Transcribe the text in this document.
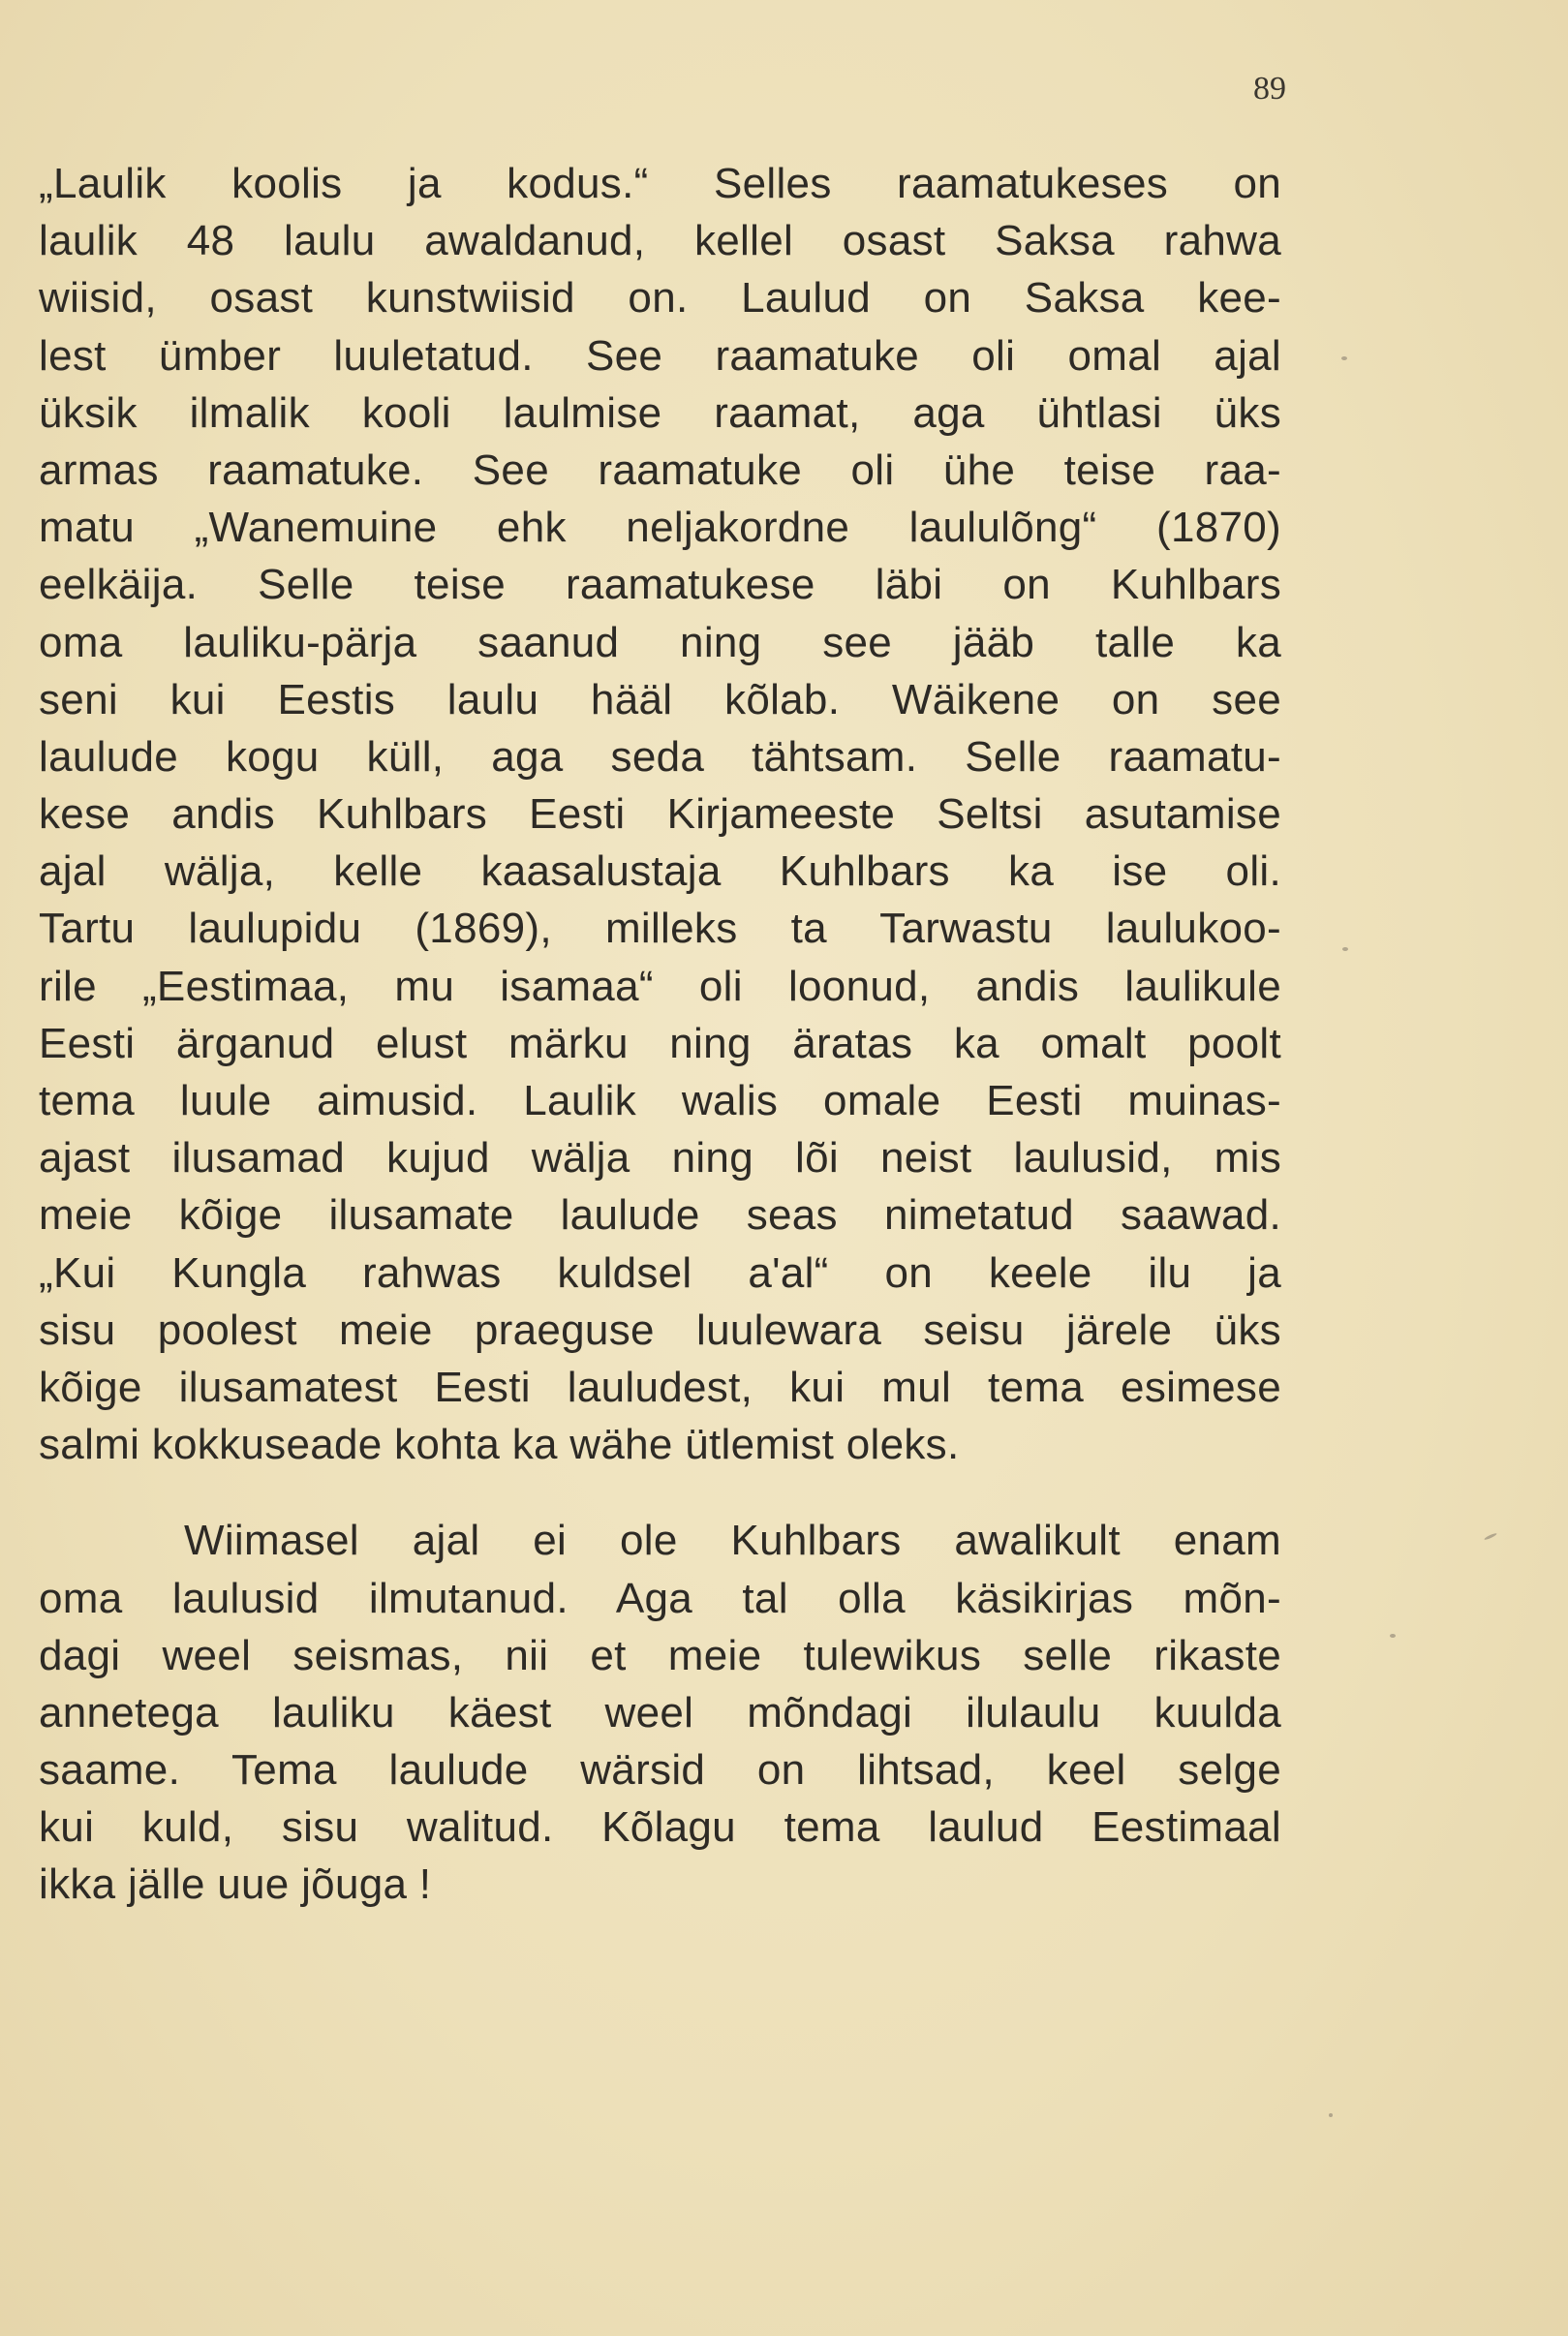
89
„Laulik koolis ja kodus.“ Selles raamatukeses on
laulik 48 laulu awaldanud, kellel osast Saksa rahwa
wiisid, osast kunstwiisid on. Laulud on Saksa kee-
lest ümber luuletatud. See raamatuke oli omal ajal
üksik ilmalik kooli laulmise raamat, aga ühtlasi üks
armas raamatuke. See raamatuke oli ühe teise raa-
matu „Wanemuine ehk neljakordne laululõng“ (1870)
eelkäija. Selle teise raamatukese läbi on Kuhlbars
oma lauliku-pärja saanud ning see jääb talle ka
seni kui Eestis laulu hääl kõlab. Wäikene on see
laulude kogu küll, aga seda tähtsam. Selle raamatu-
kese andis Kuhlbars Eesti Kirjameeste Seltsi asutamise
ajal wälja, kelle kaasalustaja Kuhlbars ka ise oli.
Tartu laulupidu (1869), milleks ta Tarwastu laulukoo-
rile „Eestimaa, mu isamaa“ oli loonud, andis laulikule
Eesti ärganud elust märku ning äratas ka omalt poolt
tema luule aimusid. Laulik walis omale Eesti muinas-
ajast ilusamad kujud wälja ning lõi neist laulusid, mis
meie kõige ilusamate laulude seas nimetatud saawad.
„Kui Kungla rahwas kuldsel a'al“ on keele ilu ja
sisu poolest meie praeguse luulewara seisu järele üks
kõige ilusamatest Eesti lauludest, kui mul tema esimese
salmi kokkuseade kohta ka wähe ütlemist oleks.
Wiimasel ajal ei ole Kuhlbars awalikult enam
oma laulusid ilmutanud. Aga tal olla käsikirjas mõn-
dagi weel seismas, nii et meie tulewikus selle rikaste
annetega lauliku käest weel mõndagi ilulaulu kuulda
saame. Tema laulude wärsid on lihtsad, keel selge
kui kuld, sisu walitud. Kõlagu tema laulud Eestimaal
ikka jälle uue jõuga !
